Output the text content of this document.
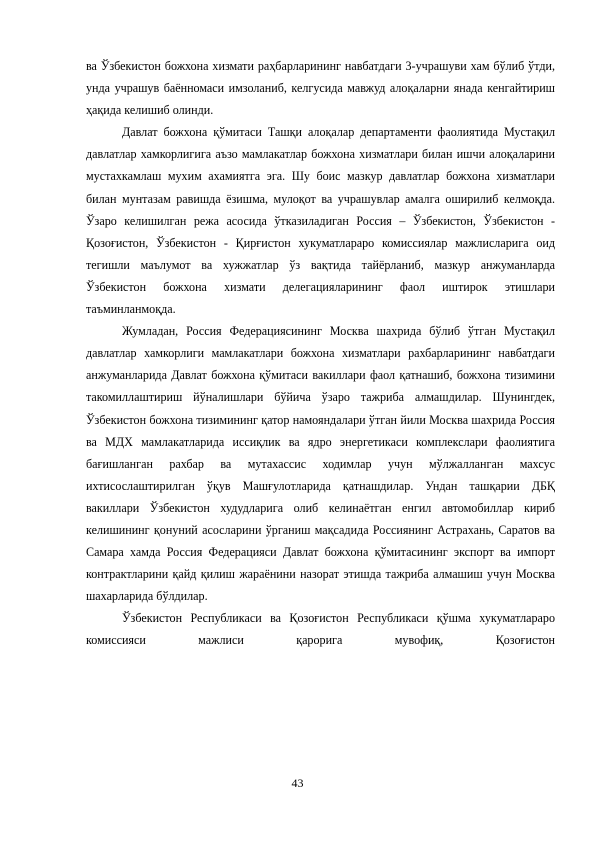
ва Ўзбекистон божхона хизмати раҳбарларининг навбатдаги 3-учрашуви хам бўлиб ўтди, унда учрашув баённомаси имзоланиб, келгусида мавжуд алоқаларни янада кенгайтириш ҳақида келишиб олинди.

Давлат божхона қўмитаси Ташқи алоқалар департаменти фаолиятида Мустақил давлатлар хамкорлигига аъзо мамлакатлар божхона хизматлари билан ишчи алоқаларини мустахкамлаш мухим ахамиятга эга. Шу боис мазкур давлатлар божхона хизматлари билан мунтазам равишда ёзишма, мулоқот ва учрашувлар амалга оширилиб келмоқда. Ўзаро келишилган режа асосида ўтказиладиган Россия – Ўзбекистон, Ўзбекистон - Қозоғистон, Ўзбекистон - Қирғистон хукуматлараро комиссиялар мажлисларига оид тегишли маълумот ва хужжатлар ўз вақтида тайёрланиб, мазкур анжуманларда Ўзбекистон божхона хизмати делегацияларининг фаол иштирок этишлари таъминланмоқда.

Жумладан, Россия Федерациясининг Москва шахрида бўлиб ўтган Мустақил давлатлар хамкорлиги мамлакатлари божхона хизматлари рахбарларининг навбатдаги анжуманларида Давлат божхона қўмитаси вакиллари фаол қатнашиб, божхона тизимини такомиллаштириш йўналишлари бўйича ўзаро тажриба алмашдилар. Шунингдек, Ўзбекистон божхона тизимининг қатор намояндалари ўтган йили Москва шахрида Россия ва МДХ мамлакатларида иссиқлик ва ядро энергетикаси комплекслари фаолиятига бағишланган рахбар ва мутахассис ходимлар учун мўлжалланган махсус ихтисослаштирилган ўқув Машғулотларида қатнашдилар. Ундан ташқарии ДБҚ вакиллари Ўзбекистон худудларига олиб келинаётган енгил автомобиллар кириб келишининг қонуний асосларини ўрганиш мақсадида Россиянинг Астрахань, Саратов ва Самара хамда Россия Федерацияси Давлат божхона қўмитасининг экспорт ва импорт контрактларини қайд қилиш жараёнини назорат этишда тажриба алмашиш учун Москва шахарларида бўлдилар.

Ўзбекистон Республикаси ва Қозоғистон Республикаси қўшма хукуматлараро комиссияси мажлиси қарорига мувофиқ, Қозоғистон

43
